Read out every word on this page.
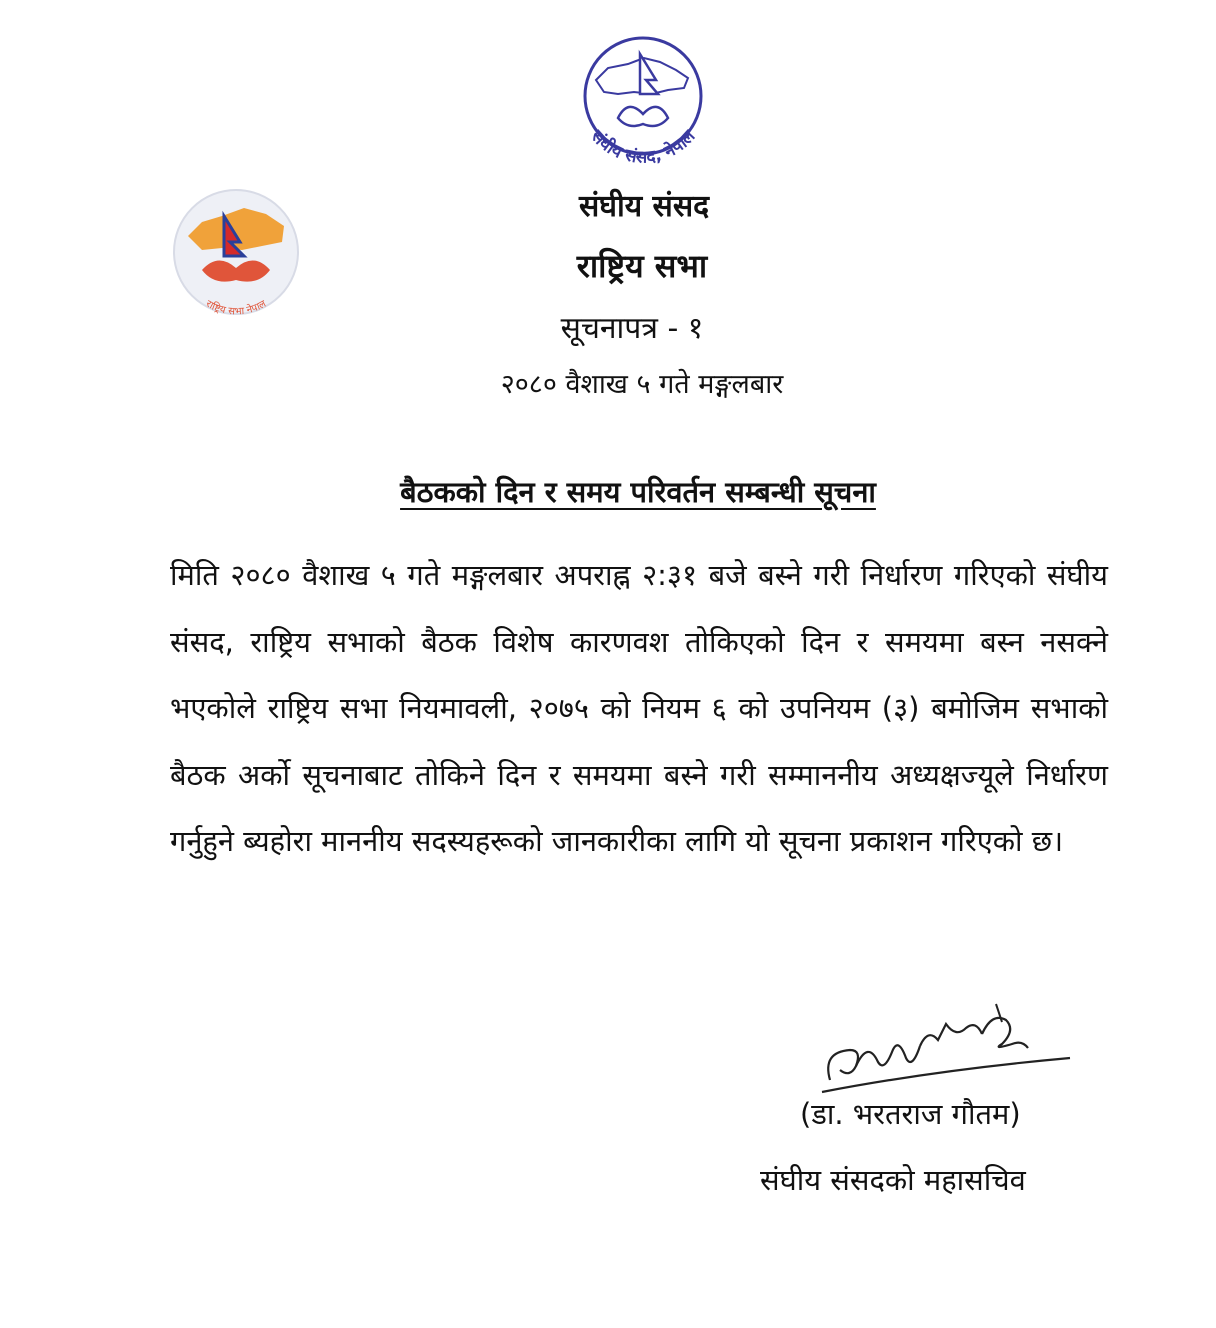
संघीय संसद, नेपाल
राष्ट्रिय सभा नेपाल
संघीय संसद
राष्ट्रिय सभा
सूचनापत्र - १
२०८० वैशाख ५ गते मङ्गलबार
बैठकको दिन र समय परिवर्तन सम्बन्धी सूचना
मिति २०८० वैशाख ५ गते मङ्गलबार अपराह्न २:३१ बजे बस्ने गरी निर्धारण गरिएको संघीय संसद, राष्ट्रिय सभाको बैठक विशेष कारणवश तोकिएको दिन र समयमा बस्न नसक्ने भएकोले राष्ट्रिय सभा नियमावली, २०७५ को नियम ६ को उपनियम (३) बमोजिम सभाको बैठक अर्को सूचनाबाट तोकिने दिन र समयमा बस्ने गरी सम्माननीय अध्यक्षज्यूले निर्धारण गर्नुहुने ब्यहोरा माननीय सदस्यहरूको जानकारीका लागि यो सूचना प्रकाशन गरिएको छ।
(डा. भरतराज गौतम)
संघीय संसदको महासचिव
